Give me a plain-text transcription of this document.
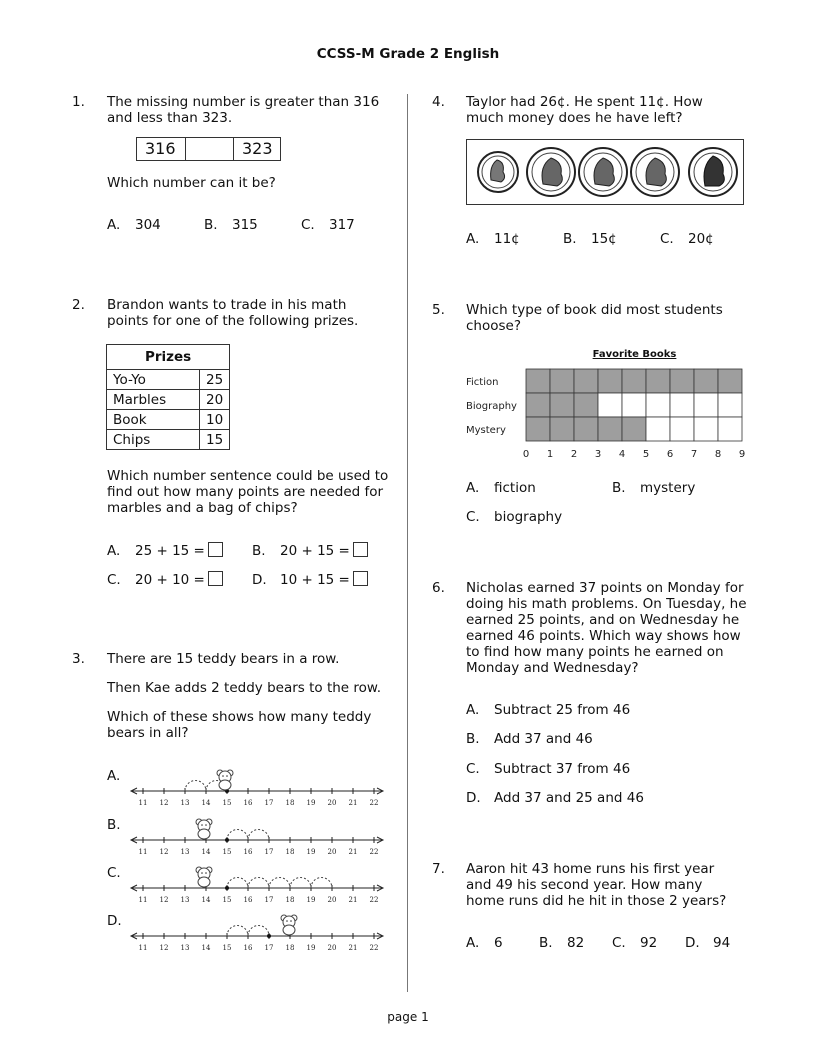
CCSS-M Grade 2 English
1. The missing number is greater than 316 and less than 323.
316	323
Which number can it be?
A. 304	B. 315	C. 317
2. Brandon wants to trade in his math points for one of the following prizes.
Prizes	
Yo-Yo	25
Marbles	20
Book	10
Chips	15
Which number sentence could be used to find out how many points are needed for marbles and a bag of chips?
A. 25 + 15 =	B. 20 + 15 =
C. 20 + 10 =	D. 10 + 15 =
3. There are 15 teddy bears in a row.
Then Kae adds 2 teddy bears to the row.
Which of these shows how many teddy bears in all?
A.
B.
C.
D.
11 12 13 14 15 16 17 18 19 20 21 22
11 12 13 14 15 16 17 18 19 20 21 22
11 12 13 14 15 16 17 18 19 20 21 22
11 12 13 14 15 16 17 18 19 20 21 22
4. Taylor had 26¢. He spent 11¢. How much money does he have left?
A. 11¢	B. 15¢	C. 20¢
5. Which type of book did most students choose?
Favorite Books
Fiction
Biography
Mystery
0 1 2 3 4 5 6 7 8 9
A. fiction	B. mystery
C. biography
6. Nicholas earned 37 points on Monday for doing his math problems. On Tuesday, he earned 25 points, and on Wednesday he earned 46 points. Which way shows how to find how many points he earned on Monday and Wednesday?
A. Subtract 25 from 46
B. Add 37 and 46
C. Subtract 37 from 46
D. Add 37 and 25 and 46
7. Aaron hit 43 home runs his first year and 49 his second year. How many home runs did he hit in those 2 years?
A. 6	B. 82 C. 92 D. 94
page 1
